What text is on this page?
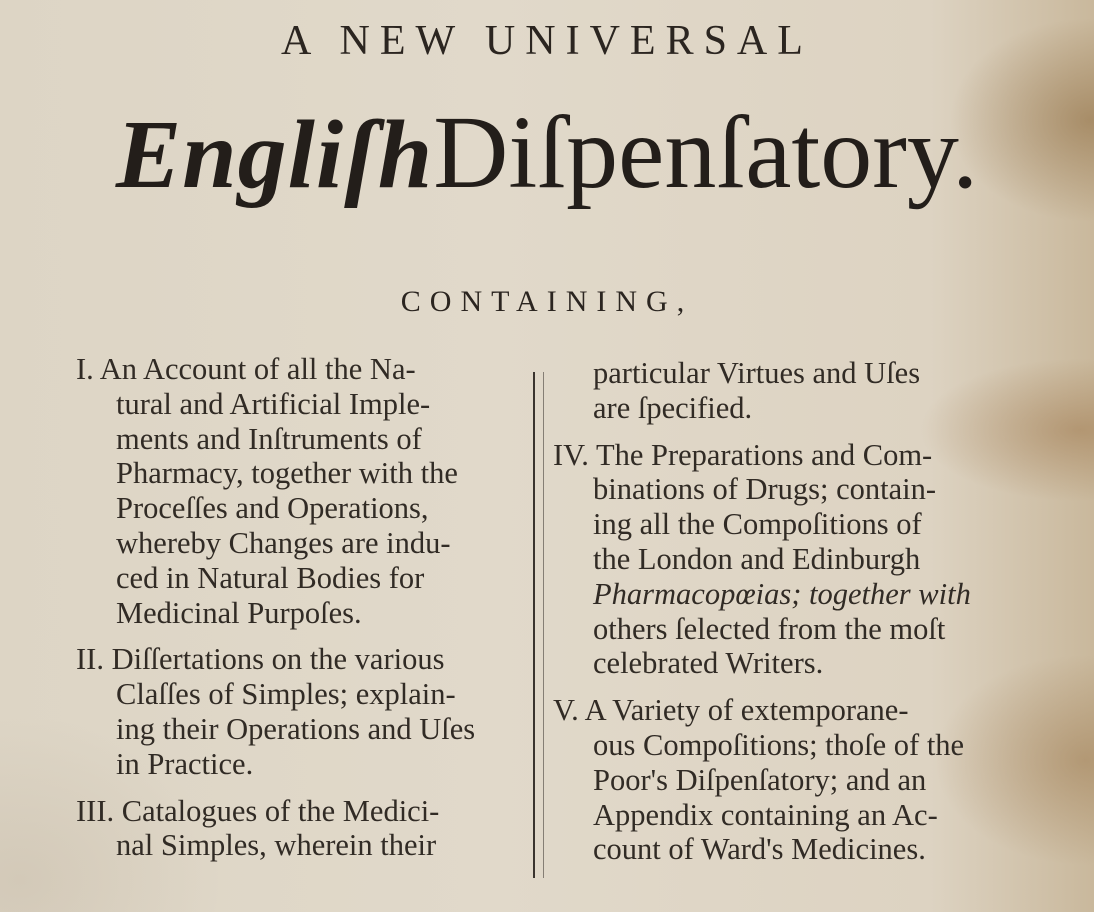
A NEW UNIVERSAL
EngliſhDiſpenſatory.
CONTAINING,
I. An Account of all the Na-
tural and Artificial Imple-
ments and Inſtruments of
Pharmacy, together with the
Proceſſes and Operations,
whereby Changes are indu-
ced in Natural Bodies for
Medicinal Purpoſes.
II. Diſſertations on the various
Claſſes of Simples; explain-
ing their Operations and Uſes
in Practice.
III. Catalogues of the Medici-
nal Simples, wherein their
particular Virtues and Uſes
are ſpecified.
IV. The Preparations and Com-
binations of Drugs; contain-
ing all the Compoſitions of
the London and Edinburgh
Pharmacopœias; together with
others ſelected from the moſt
celebrated Writers.
V. A Variety of extemporane-
ous Compoſitions; thoſe of the
Poor's Diſpenſatory; and an
Appendix containing an Ac-
count of Ward's Medicines.
